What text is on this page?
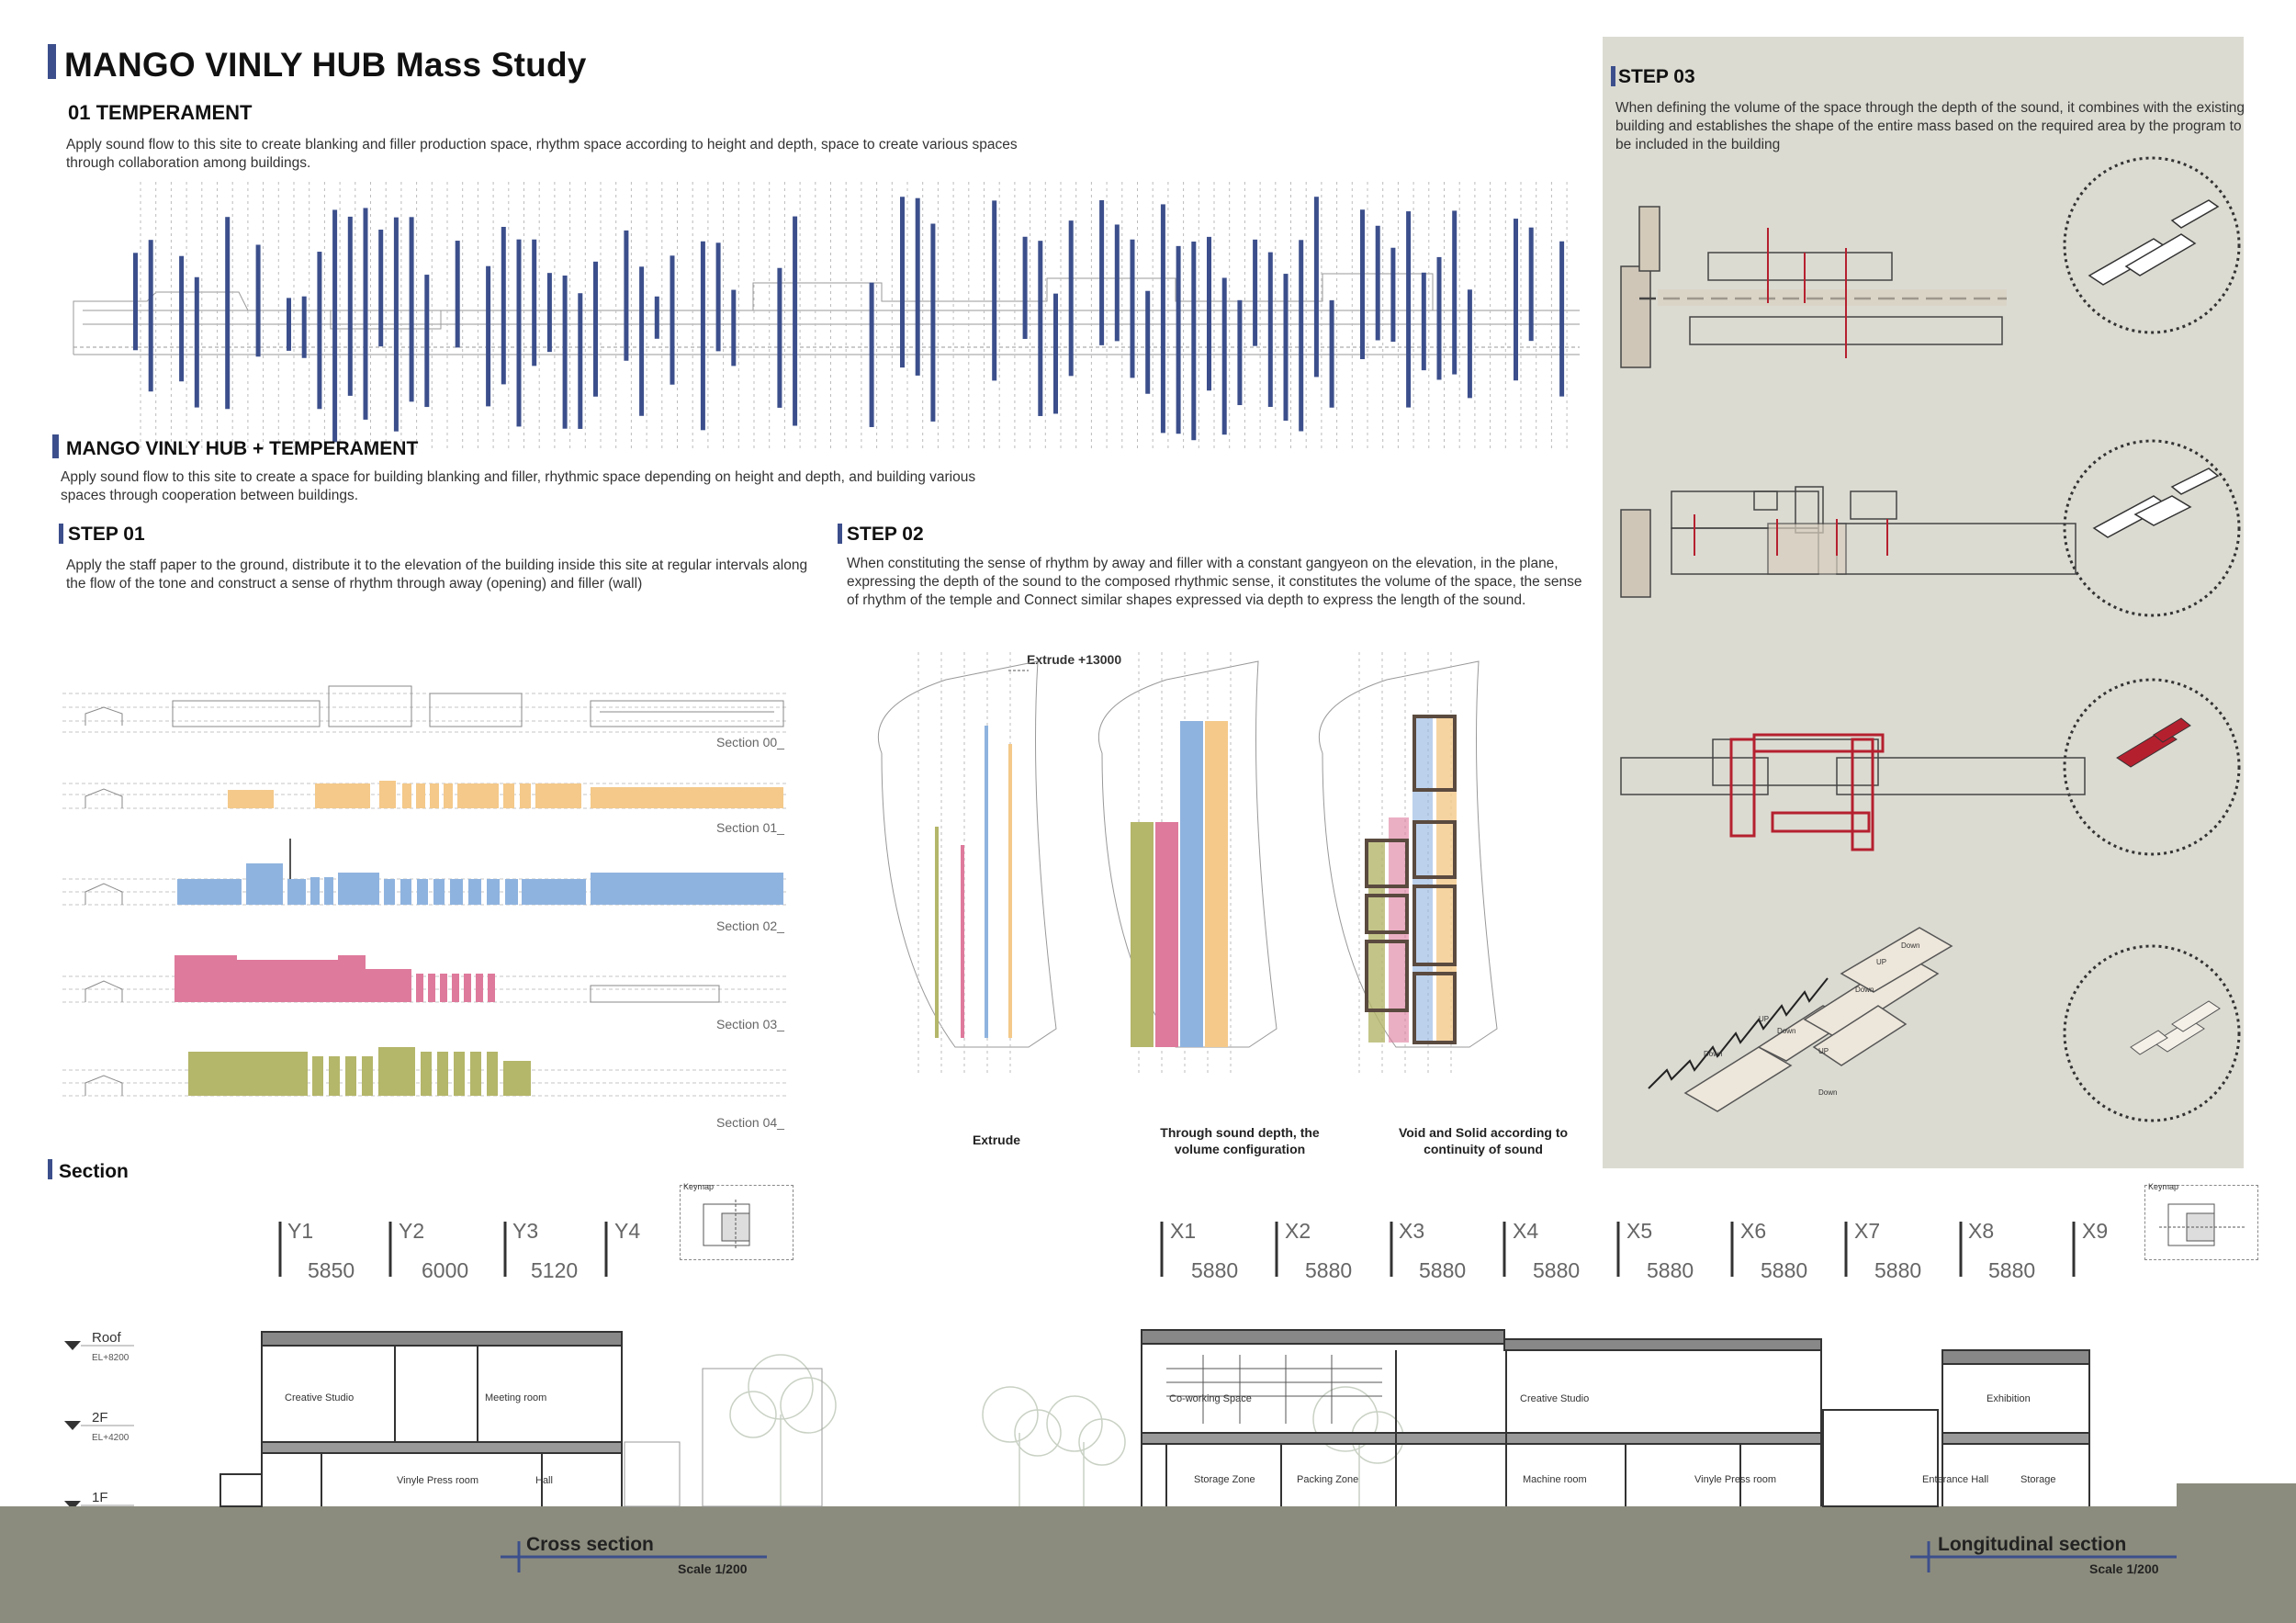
MANGO VINLY HUB Mass Study
01 TEMPERAMENT
Apply sound flow to this site to create blanking and filler production space, rhythm space according to height and depth, space to create various spaces through collaboration among buildings.
MANGO VINLY HUB + TEMPERAMENT
Apply sound flow to this site to create a space for building blanking and filler, rhythmic space depending on height and depth, and building various spaces through cooperation between buildings.
STEP 01
Apply the staff paper to the ground, distribute it to the elevation of the building inside this site at regular intervals along the flow of the tone and construct a sense of rhythm through away (opening) and filler (wall)
Section 00_
Section 01_
Section 02_
Section 03_
Section 04_
STEP 02
When constituting the sense of rhythm by away and filler with a constant gangyeon on the elevation, in the plane, expressing the depth of the sound to the composed rhythmic sense, it constitutes the volume of the space, the sense of rhythm of the temple and Connect similar shapes expressed via depth to express the length of the sound.
Extrude +13000
Extrude	Through sound depth, the volume configuration
Void and Solid according to continuity of sound
STEP 03
When defining the volume of the space through the depth of the sound, it combines with the existing building and establishes the shape of the entire mass based on the required area by the program to be included in the building
UP
Down
Down
UP
Down
UP
Down
Down
Section
Keymap	Keymap
Y1	Y2	Y3	Y4
5850	6000	5120
X1	X2	X3	X4	X5	X6	X7	X8	X9
5880	5880	5880	5880	5880	5880	5880	5880
Roof
EL+8200
2F
EL+4200
1F
Creative Studio	Meeting room
Vinyle Press room	Hall
Cross section
Scale 1/200
Co-working Space	Creative Studio	Exhibition
Storage Zone	Packing Zone	Machine room	Vinyle Press room	Enterance Hall	Storage
Longitudinal section
Scale 1/200
